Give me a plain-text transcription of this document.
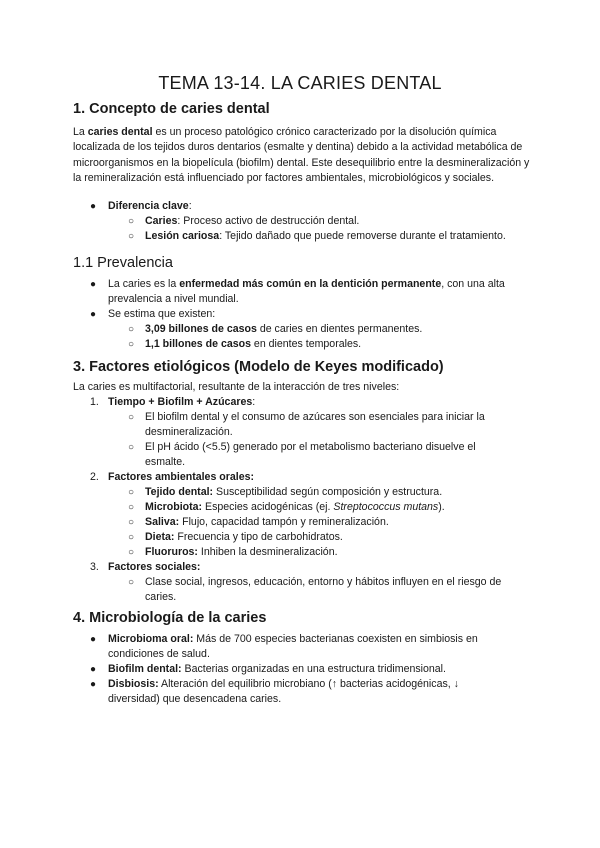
TEMA 13-14. LA CARIES DENTAL
1. Concepto de caries dental
La caries dental es un proceso patológico crónico caracterizado por la disolución química localizada de los tejidos duros dentarios (esmalte y dentina) debido a la actividad metabólica de microorganismos en la biopelícula (biofilm) dental. Este desequilibrio entre la desmineralización y la remineralización está influenciado por factores ambientales, microbiológicos y sociales.
● Diferencia clave:
○ Caries: Proceso activo de destrucción dental.
○ Lesión cariosa: Tejido dañado que puede removerse durante el tratamiento.
1.1 Prevalencia
● La caries es la enfermedad más común en la dentición permanente, con una alta
prevalencia a nivel mundial.
● Se estima que existen:
○ 3,09 billones de casos de caries en dientes permanentes.
○ 1,1 billones de casos en dientes temporales.
3. Factores etiológicos (Modelo de Keyes modificado)
La caries es multifactorial, resultante de la interacción de tres niveles:
1. Tiempo + Biofilm + Azúcares:
○ El biofilm dental y el consumo de azúcares son esenciales para iniciar la
desmineralización.
○ El pH ácido (<5.5) generado por el metabolismo bacteriano disuelve el
esmalte.
2. Factores ambientales orales:
○ Tejido dental: Susceptibilidad según composición y estructura.
○ Microbiota: Especies acidogénicas (ej. Streptococcus mutans).
○ Saliva: Flujo, capacidad tampón y remineralización.
○ Dieta: Frecuencia y tipo de carbohidratos.
○ Fluoruros: Inhiben la desmineralización.
3. Factores sociales:
○ Clase social, ingresos, educación, entorno y hábitos influyen en el riesgo de
caries.
4. Microbiología de la caries
● Microbioma oral: Más de 700 especies bacterianas coexisten en simbiosis en
condiciones de salud.
● Biofilm dental: Bacterias organizadas en una estructura tridimensional.
● Disbiosis: Alteración del equilibrio microbiano (↑ bacterias acidogénicas, ↓
diversidad) que desencadena caries.
